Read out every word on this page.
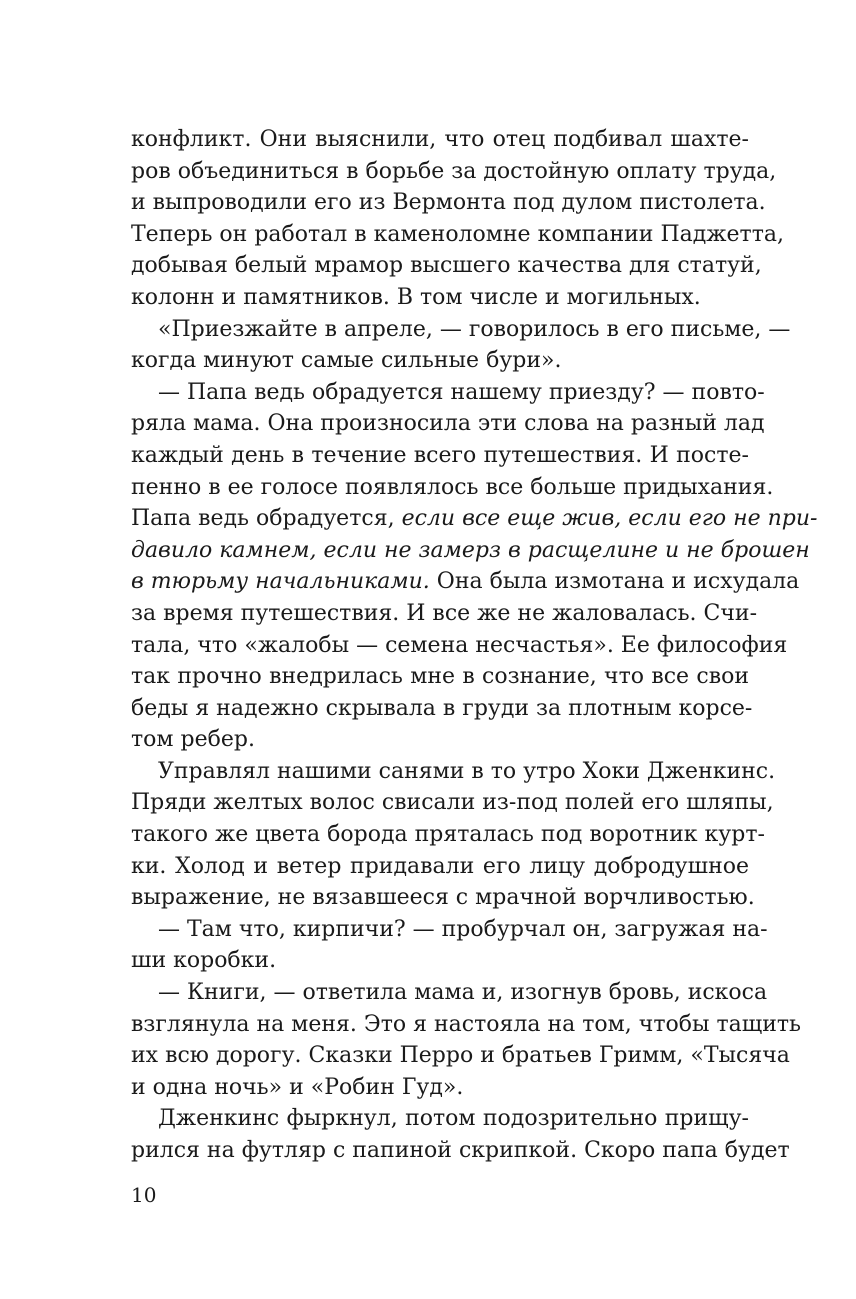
конфликт. Они выяснили, что отец подбивал шахте-
ров объединиться в борьбе за достойную оплату труда,
и выпроводили его из Вермонта под дулом пистолета.
Теперь он работал в каменоломне компании Паджетта,
добывая белый мрамор высшего качества для статуй,
колонн и памятников. В том числе и могильных.
«Приезжайте в апреле, — говорилось в его письме, —
когда минуют самые сильные бури».
— Папа ведь обрадуется нашему приезду? — повто-
ряла мама. Она произносила эти слова на разный лад
каждый день в течение всего путешествия. И посте-
пенно в ее голосе появлялось все больше придыхания.
Папа ведь обрадуется, если все еще жив, если его не при-
давило камнем, если не замерз в расщелине и не брошен
в тюрьму начальниками. Она была измотана и исхудала
за время путешествия. И все же не жаловалась. Счи-
тала, что «жалобы — семена несчастья». Ее философия
так прочно внедрилась мне в сознание, что все свои
беды я надежно скрывала в груди за плотным корсе-
том ребер.
Управлял нашими санями в то утро Хоки Дженкинс.
Пряди желтых волос свисали из-под полей его шляпы,
такого же цвета борода пряталась под воротник курт-
ки. Холод и ветер придавали его лицу добродушное
выражение, не вязавшееся с мрачной ворчливостью.
— Там что, кирпичи? — пробурчал он, загружая на-
ши коробки.
— Книги, — ответила мама и, изогнув бровь, искоса
взглянула на меня. Это я настояла на том, чтобы тащить
их всю дорогу. Сказки Перро и братьев Гримм, «Тысяча
и одна ночь» и «Робин Гуд».
Дженкинс фыркнул, потом подозрительно прищу-
рился на футляр с папиной скрипкой. Скоро папа будет
10
